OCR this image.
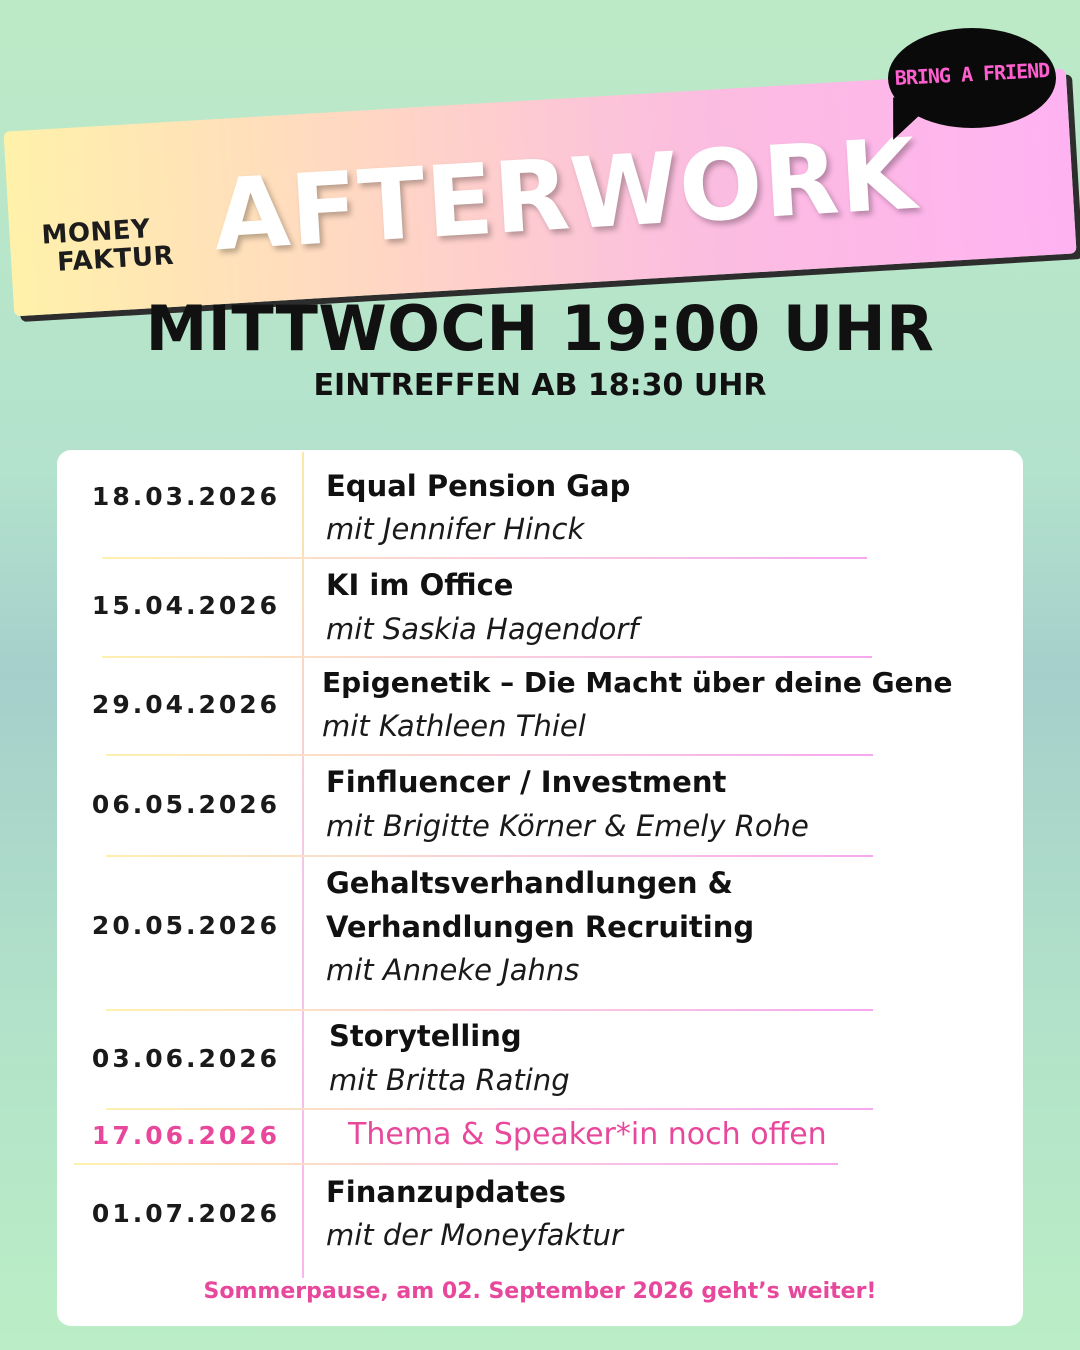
MONEY
FAKTUR AFTERWORK
BRING A FRIEND
MITTWOCH 19:00 UHR
EINTREFFEN AB 18:30 UHR
18.03.2026	Equal Pension Gap
mit Jennifer Hinck
15.04.2026
KI im Office
mit Saskia Hagendorf
29.04.2026
Epigenetik – Die Macht über deine Gene
mit Kathleen Thiel
06.05.2026
Finfluencer / Investment
mit Brigitte Körner & Emely Rohe
20.05.2026
Gehaltsverhandlungen &
Verhandlungen Recruiting
mit Anneke Jahns
03.06.2026
Storytelling
mit Britta Rating
17.06.2026	Thema & Speaker*in noch offen
01.07.2026
Finanzupdates
mit der Moneyfaktur
Sommerpause, am 02. September 2026 geht’s weiter!
